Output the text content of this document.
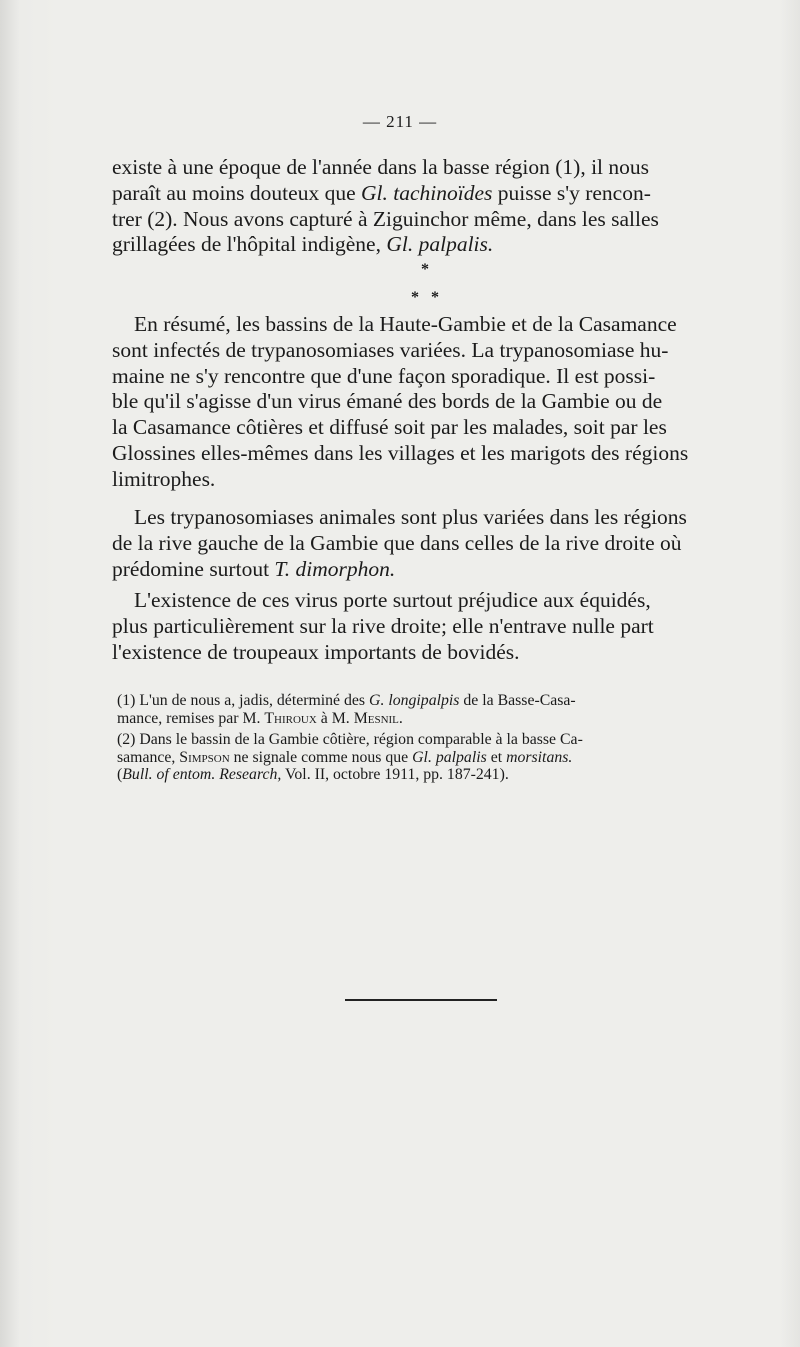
— 211 —

existe à une époque de l'année dans la basse région (1), il nous

paraît au moins douteux que Gl. tachinoïdes puisse s'y rencon-

trer (2). Nous avons capturé à Ziguinchor même, dans les salles

grillagées de l'hôpital indigène, Gl. palpalis.

*
* *

En résumé, les bassins de la Haute-Gambie et de la Casamance

sont infectés de trypanosomiases variées. La trypanosomiase hu-

maine ne s'y rencontre que d'une façon sporadique. Il est possi-

ble qu'il s'agisse d'un virus émané des bords de la Gambie ou de

la Casamance côtières et diffusé soit par les malades, soit par les

Glossines elles-mêmes dans les villages et les marigots des régions

limitrophes.

Les trypanosomiases animales sont plus variées dans les régions

de la rive gauche de la Gambie que dans celles de la rive droite où

prédomine surtout T. dimorphon.

L'existence de ces virus porte surtout préjudice aux équidés,

plus particulièrement sur la rive droite; elle n'entrave nulle part

l'existence de troupeaux importants de bovidés.

(1) L'un de nous a, jadis, déterminé des G. longipalpis de la Basse-Casa-
mance, remises par M. Thiroux à M. Mesnil.
(2) Dans le bassin de la Gambie côtière, région comparable à la basse Ca-
samance, Simpson ne signale comme nous que Gl. palpalis et morsitans.
(Bull. of entom. Research, Vol. II, octobre 1911, pp. 187-241).
